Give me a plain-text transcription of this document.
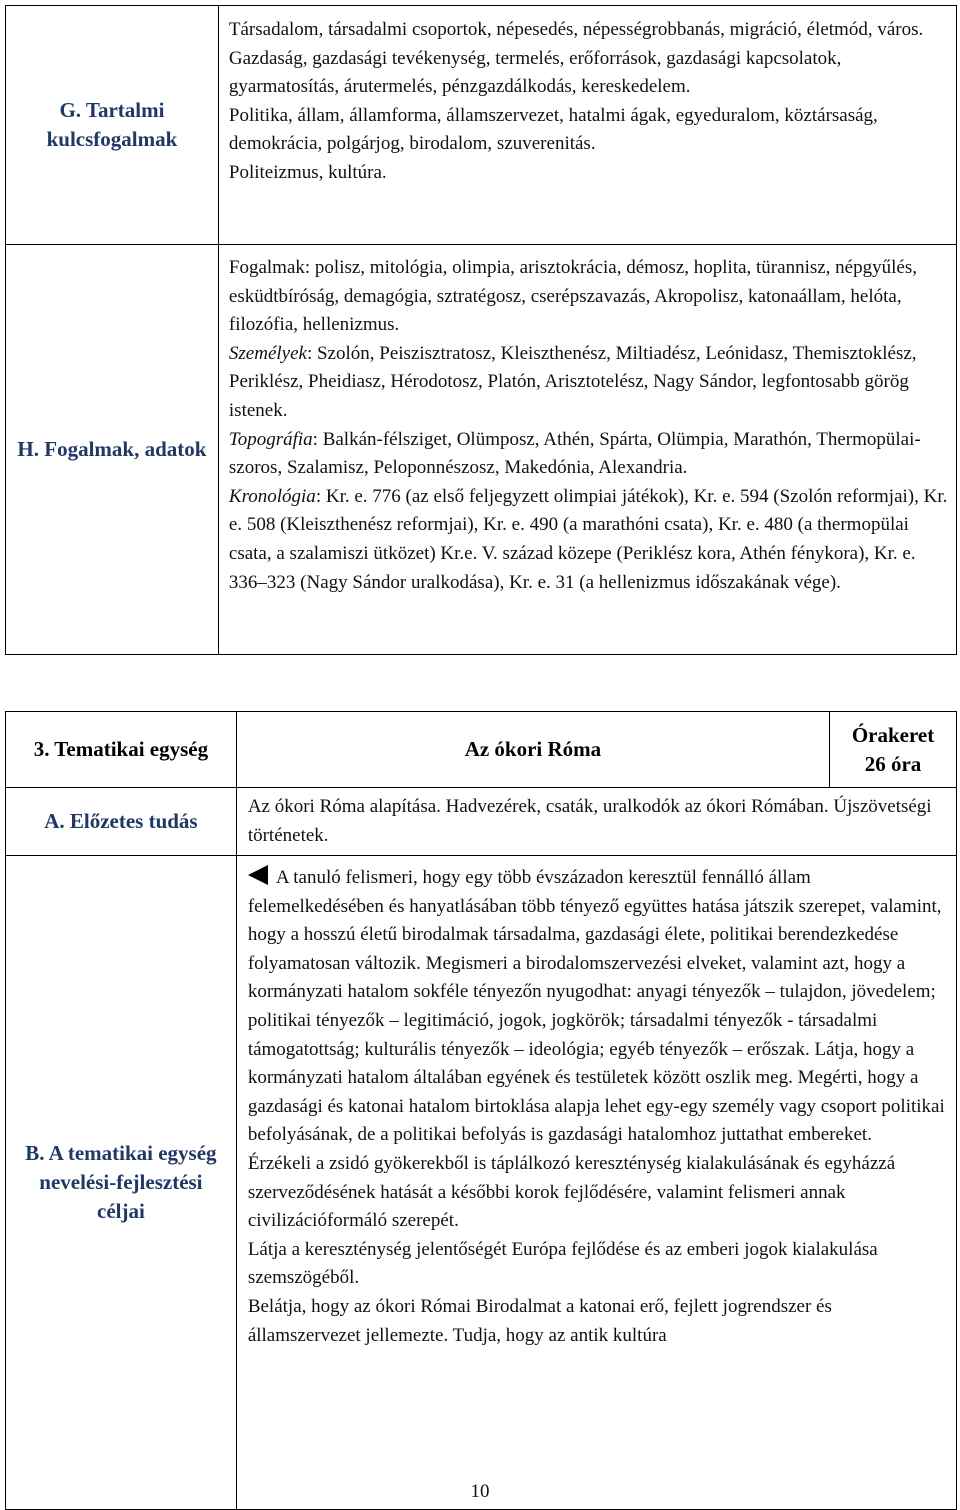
G. Tartalmi kulcsfogalmak	Társadalom, társadalmi csoportok, népesedés, népességrobbanás, migráció, életmód, város.

Gazdaság, gazdasági tevékenység, termelés, erőforrások, gazdasági kapcsolatok, gyarmatosítás, árutermelés, pénzgazdálkodás, kereskedelem.

Politika, állam, államforma, államszervezet, hatalmi ágak, egyeduralom, köztársaság, demokrácia, polgárjog, birodalom, szuverenitás.

Politeizmus, kultúra.

H. Fogalmak, adatok	Fogalmak: polisz, mitológia, olimpia, arisztokrácia, démosz, hoplita, türannisz, népgyűlés, esküdtbíróság, demagógia, sztratégosz, cserépszavazás, Akropolisz, katonaállam, helóta, filozófia, hellenizmus.

Személyek: Szolón, Peiszisztratosz, Kleiszthenész, Miltiadész, Leónidasz, Themisztoklész, Periklész, Pheidiasz, Hérodotosz, Platón, Arisztotelész, Nagy Sándor, legfontosabb görög istenek.

Topográfia: Balkán-félsziget, Olümposz, Athén, Spárta, Olümpia, Marathón, Thermopülai-szoros, Szalamisz, Peloponnészosz, Makedónia, Alexandria.

Kronológia: Kr. e. 776 (az első feljegyzett olimpiai játékok), Kr. e. 594 (Szolón reformjai), Kr. e. 508 (Kleiszthenész reformjai), Kr. e. 490 (a marathóni csata), Kr. e. 480 (a thermopülai csata, a szalamiszi ütközet) Kr.e. V. század közepe (Periklész kora, Athén fénykora), Kr. e. 336–323 (Nagy Sándor uralkodása), Kr. e. 31 (a hellenizmus időszakának vége).

3. Tematikai egység	Az ókori Róma	Órakeret
26 óra

A. Előzetes tudás	Az ókori Róma alapítása. Hadvezérek, csaták, uralkodók az ókori Rómában. Újszövetségi történetek.	

B. A tematikai egység nevelési-fejlesztési céljai	A tanuló felismeri, hogy egy több évszázadon keresztül fennálló állam felemelkedésében és hanyatlásában több tényező együttes hatása játszik szerepet, valamint, hogy a hosszú életű birodalmak társadalma, gazdasági élete, politikai berendezkedése folyamatosan változik. Megismeri a birodalomszervezési elveket, valamint azt, hogy a kormányzati hatalom sokféle tényezőn nyugodhat: anyagi tényezők – tulajdon, jövedelem; politikai tényezők – legitimáció, jogok, jogkörök; társadalmi tényezők - társadalmi támogatottság; kulturális tényezők – ideológia; egyéb tényezők – erőszak. Látja, hogy a kormányzati hatalom általában egyének és testületek között oszlik meg. Megérti, hogy a gazdasági és katonai hatalom birtoklása alapja lehet egy-egy személy vagy csoport politikai befolyásának, de a politikai befolyás is gazdasági hatalomhoz juttathat embereket.

Érzékeli a zsidó gyökerekből is táplálkozó kereszténység kialakulásának és egyházzá szerveződésének hatását a későbbi korok fejlődésére, valamint felismeri annak civilizációformáló szerepét.

Látja a kereszténység jelentőségét Európa fejlődése és az emberi jogok kialakulása szemszögéből.

Belátja, hogy az ókori Római Birodalmat a katonai erő, fejlett jogrendszer és államszervezet jellemezte. Tudja, hogy az antik kultúra	

10
